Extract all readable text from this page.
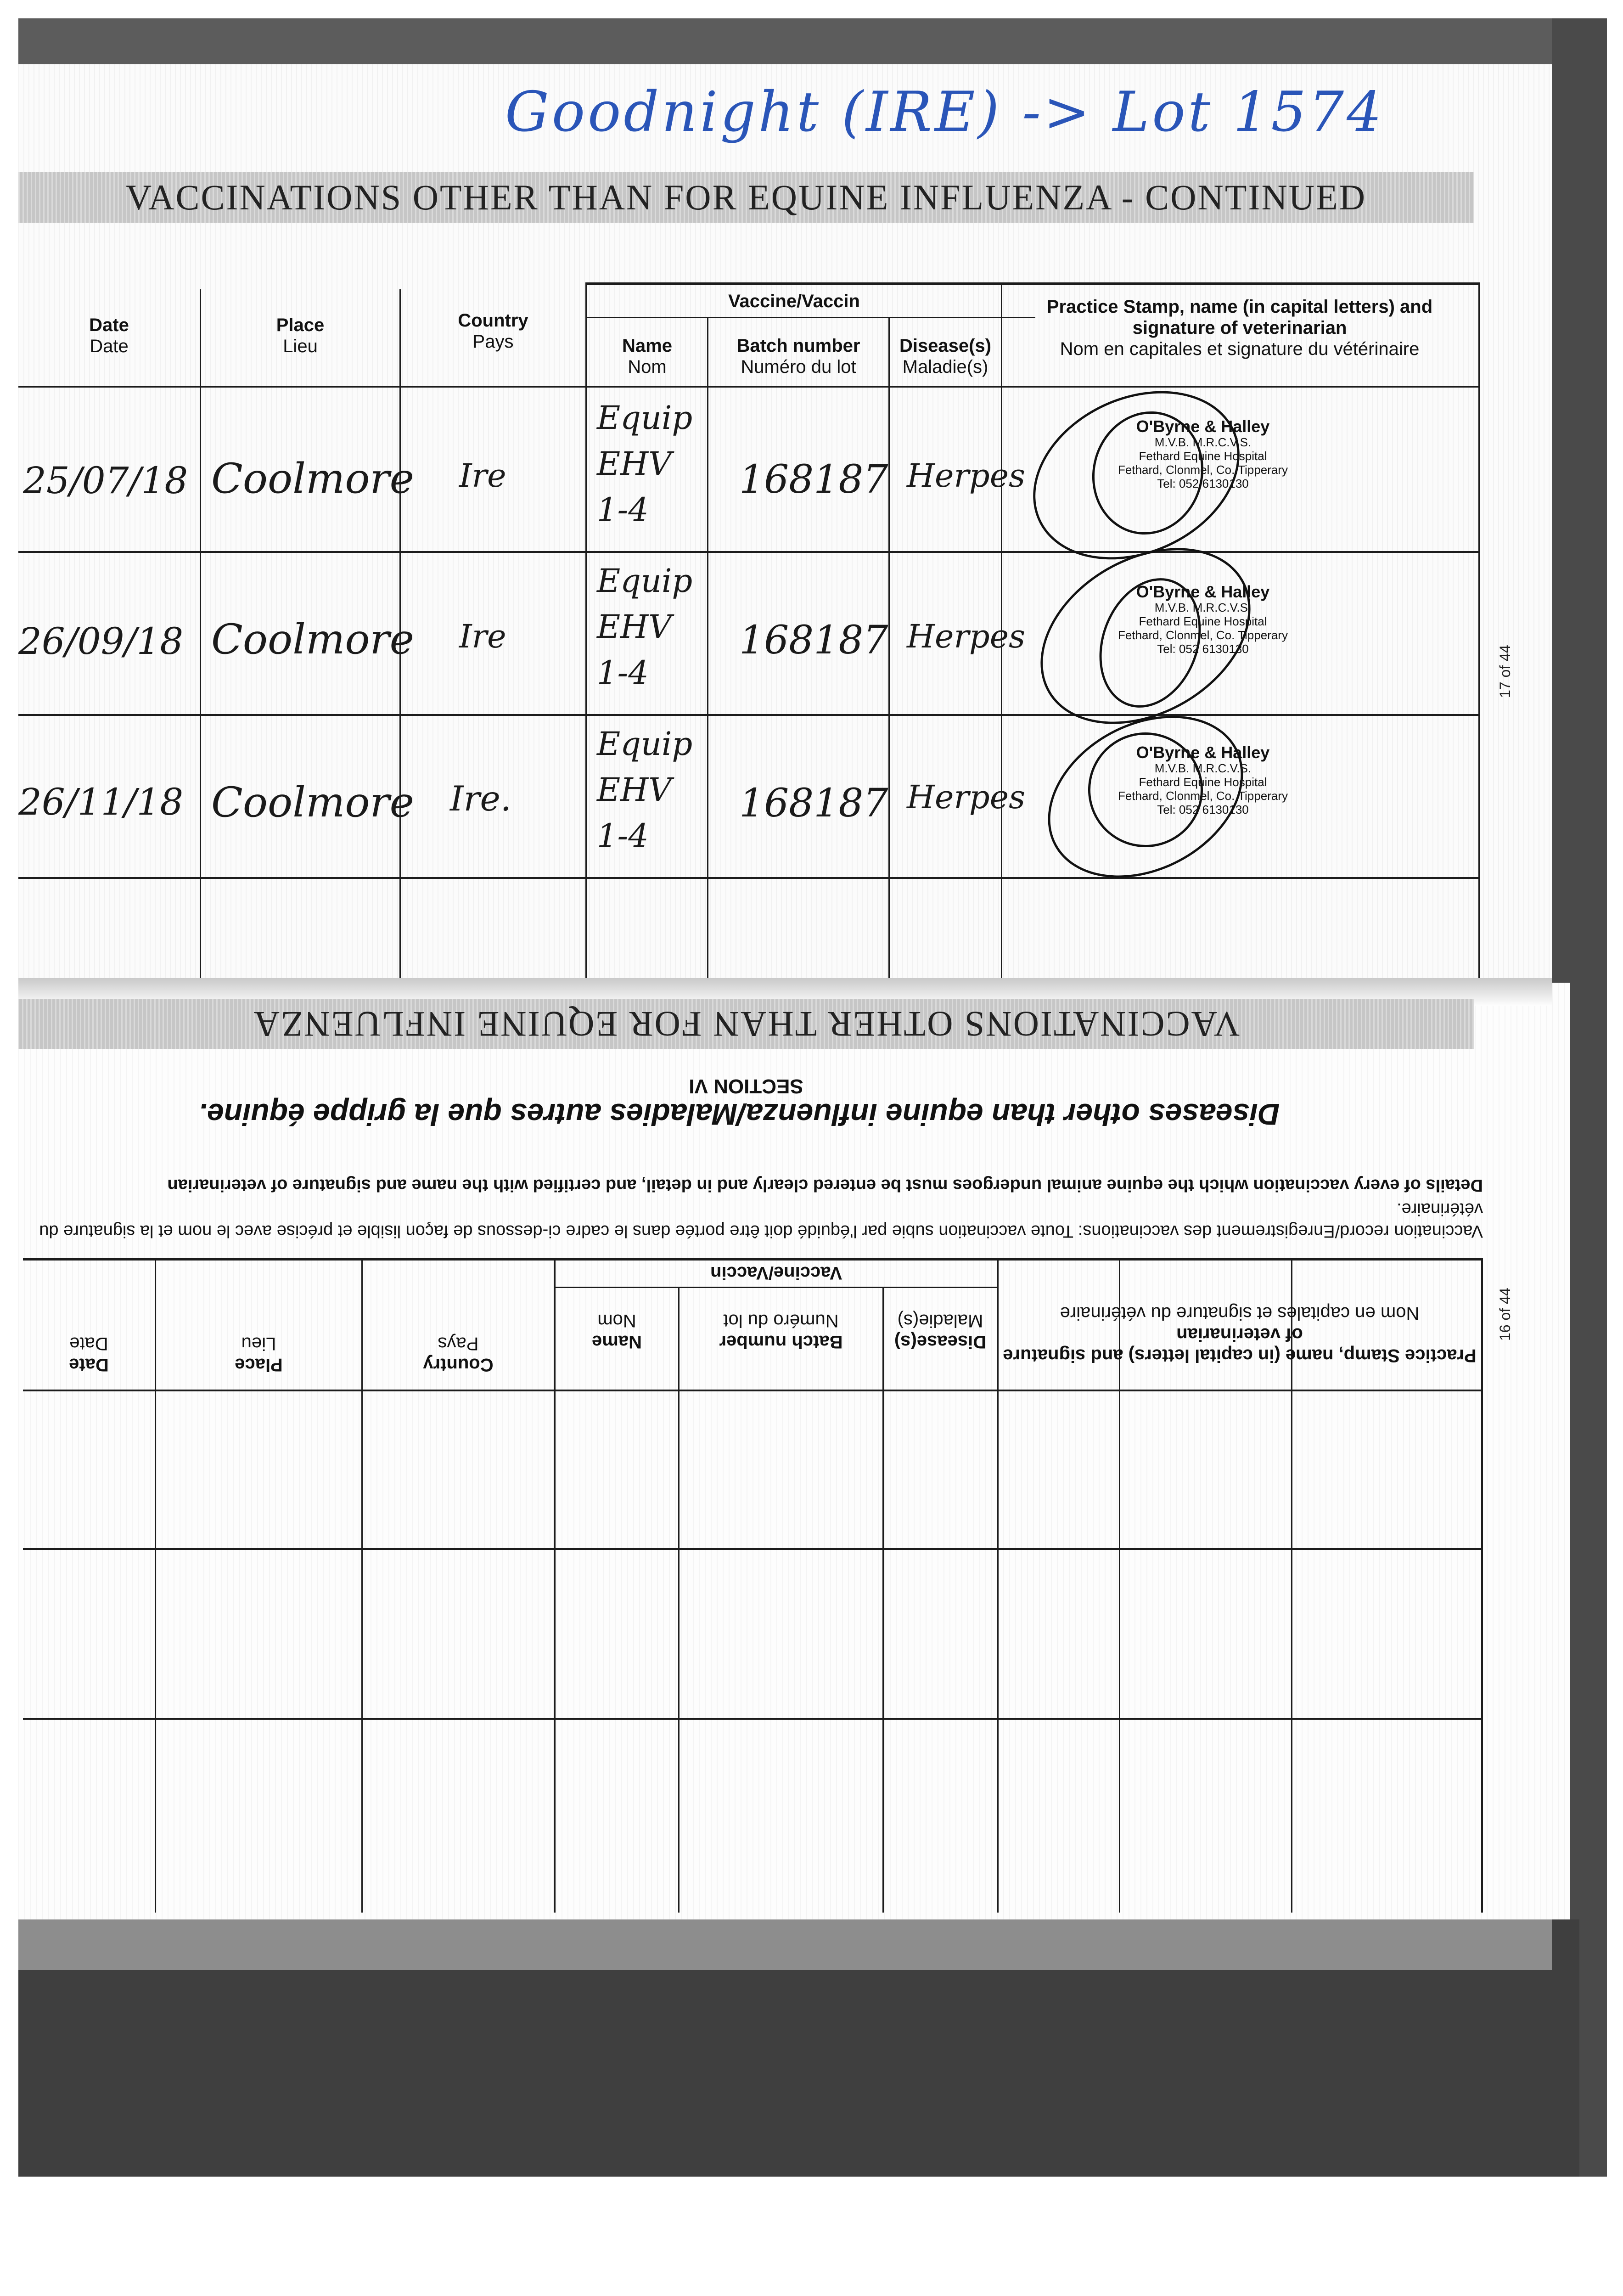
Goodnight (IRE) -> Lot 1574
VACCINATIONS OTHER THAN FOR EQUINE INFLUENZA - CONTINUED
Date
Date
Place
Lieu
Country
Pays
Vaccine/Vaccin
Name
Nom
Batch number
Numéro du lot
Disease(s)
Maladie(s)
Practice Stamp, name (in capital letters) and signature of veterinarian
Nom en capitales et signature du vétérinaire
25/07/18 Coolmore Ire
Equip
EHV
1-4
168187 Herpes
26/09/18 Coolmore Ire
Equip
EHV
1-4
168187 Herpes
26/11/18 Coolmore Ire.
Equip
EHV
1-4
168187 Herpes
O'Byrne & Halley
M.V.B. M.R.C.V.S.
Fethard Equine Hospital
Fethard, Clonmel, Co. Tipperary
Tel: 052 6130130
O'Byrne & Halley
M.V.B. M.R.C.V.S.
Fethard Equine Hospital
Fethard, Clonmel, Co. Tipperary
Tel: 052 6130130
O'Byrne & Halley
M.V.B. M.R.C.V.S.
Fethard Equine Hospital
Fethard, Clonmel, Co. Tipperary
Tel: 052 6130130
17 of 44
VACCINATIONS OTHER THAN FOR EQUINE INFLUENZA
SECTION VI
Diseases other than equine influenza/Maladies autres que la grippe équine.
Details of every vaccination which the equine animal undergoes must be entered clearly and in detail, and certified with the name and signature of veterinarian
Vaccination record/Enregistrement des vaccinations: Toute vaccination subie par l'équidé doit être portée dans le cadre ci-dessous de façon lisible et précise avec le nom et la signature du vétérinaire.
Date
Date
Place
Lieu
Country
Pays
Vaccine/Vaccin
Name
Nom
Batch number
Numéro du lot
Disease(s)
Maladie(s)
Practice Stamp, name (in capital letters) and signature of veterinarian
Nom en capitales et signature du vétérinaire	16 of 44
